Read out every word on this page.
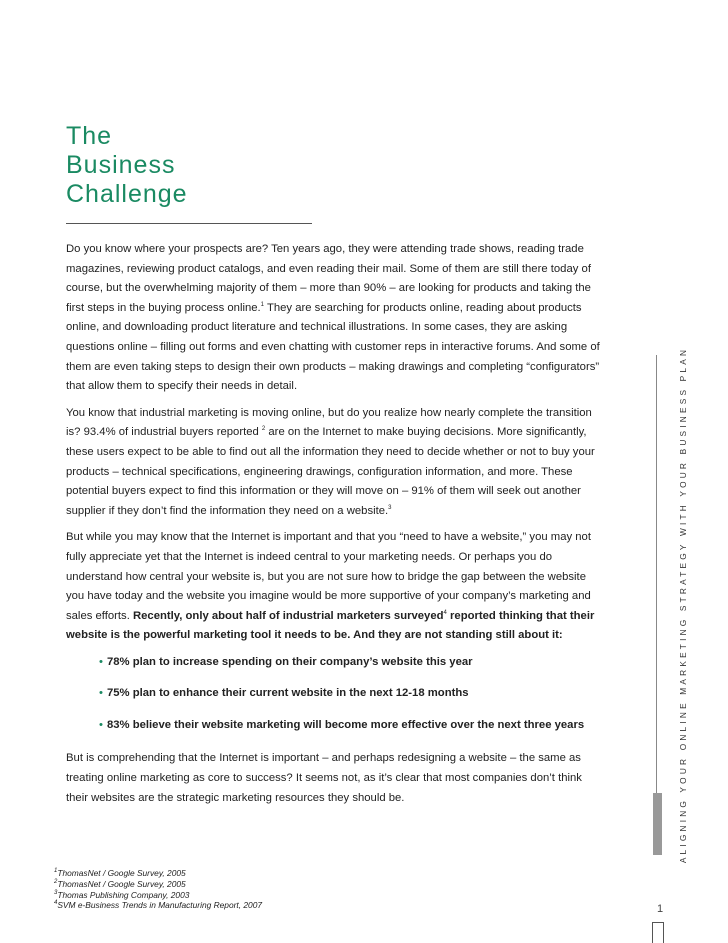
The
Business
Challenge

Do you know where your prospects are? Ten years ago, they were attending trade shows, reading trade magazines, reviewing product catalogs, and even reading their mail. Some of them are still there today of course, but the overwhelming majority of them – more than 90% – are looking for products and taking the first steps in the buying process online.$^1$ They are searching for products online, reading about products online, and downloading product literature and technical illustrations. In some cases, they are asking questions online – filling out forms and even chatting with customer reps in interactive forums. And some of them are even taking steps to design their own products – making drawings and completing “configurators” that allow them to specify their needs in detail.

You know that industrial marketing is moving online, but do you realize how nearly complete the transition is? 93.4% of industrial buyers reported $^2$ are on the Internet to make buying decisions. More significantly, these users expect to be able to find out all the information they need to decide whether or not to buy your products – technical specifications, engineering drawings, configuration information, and more. These potential buyers expect to find this information or they will move on – 91% of them will seek out another supplier if they don’t find the information they need on a website.$^3$

But while you may know that the Internet is important and that you “need to have a website,” you may not fully appreciate yet that the Internet is indeed central to your marketing needs. Or perhaps you do understand how central your website is, but you are not sure how to bridge the gap between the website you have today and the website you imagine would be more supportive of your company’s marketing and sales efforts. Recently, only about half of industrial marketers surveyed$^4$ reported thinking that their website is the powerful marketing tool it needs to be. And they are not standing still about it:

• 78% plan to increase spending on their company’s website this year
• 75% plan to enhance their current website in the next 12-18 months
• 83% believe their website marketing will become more effective over the next three years

But is comprehending that the Internet is important – and perhaps redesigning a website – the same as treating online marketing as core to success? It seems not, as it’s clear that most companies don’t think their websites are the strategic marketing resources they should be.	ALIGNING YOUR ONLINE MARKETING STRATEGY WITH YOUR BUSINESS PLAN
$^1$ThomasNet / Google Survey, 2005
$^2$ThomasNet / Google Survey, 2005
$^3$Thomas Publishing Company, 2003
$^4$SVM e-Business Trends in Manufacturing Report, 2007	1
